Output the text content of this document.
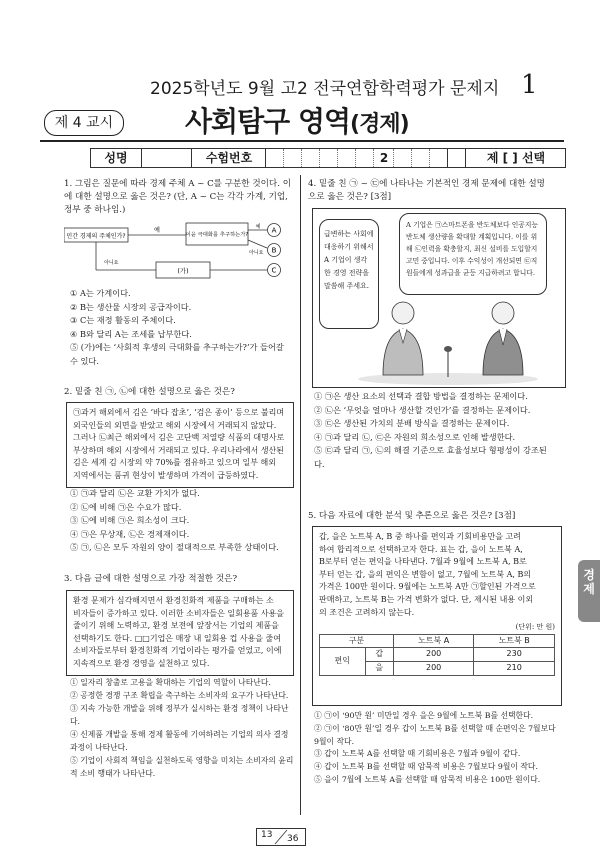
2025학년도 9월 고2 전국연합학력평가 문제지 1
제 4 교시	사회탐구 영역(경제)
성명	수험번호	2	제 [ ] 선택
1. 그림은 질문에 따라 경제 주체 A ~ C를 구분한 것이다. 이에 대한 설명으로 옳은 것은? (단, A ~ C는 각각 가계, 기업, 정부 중 하나임.)
민간 경제의 주체인가?
예
이윤 극대화를 추구하는가?
예
아니요
A
B
아니요
(가)	C
① A는 가계이다.
② B는 생산물 시장의 공급자이다.
③ C는 재정 활동의 주체이다.
④ B와 달리 A는 조세를 납부한다.
⑤ (가)에는 ‘사회적 후생의 극대화를 추구하는가?’가 들어갈 수 있다.
2. 밑줄 친 ㉠, ㉡에 대한 설명으로 옳은 것은?
㉠과거 해외에서 김은 ‘바다 잡초’, ‘검은 종이’ 등으로 불리며
외국인들의 외면을 받았고 해외 시장에서 거래되지 않았다.
그러나 ㉡최근 해외에서 김은 고단백 저열량 식품의 대명사로
부상하며 해외 시장에서 거래되고 있다. 우리나라에서 생산된
김은 세계 김 시장의 약 70%를 점유하고 있으며 일부 해외
지역에서는 품귀 현상이 발생하며 가격이 급등하였다.
① ㉠과 달리 ㉡은 교환 가치가 없다.
② ㉡에 비해 ㉠은 수요가 많다.
③ ㉡에 비해 ㉠은 희소성이 크다.
④ ㉠은 무상재, ㉡은 경제재이다.
⑤ ㉠, ㉡은 모두 자원의 양이 절대적으로 부족한 상태이다.
3. 다음 글에 대한 설명으로 가장 적절한 것은?
환경 문제가 심각해지면서 환경친화적 제품을 구매하는 소
비자들이 증가하고 있다. 이러한 소비자들은 일회용품 사용을
줄이기 위해 노력하고, 환경 보전에 앞장서는 기업의 제품을
선택하기도 한다. □□기업은 매장 내 일회용 컵 사용을 줄여
소비자들로부터 환경친화적 기업이라는 평가를 얻었고, 이에
지속적으로 환경 경영을 실천하고 있다.
① 일자리 창출로 고용을 확대하는 기업의 역할이 나타난다.
② 공정한 경쟁 구조 확립을 촉구하는 소비자의 요구가 나타난다.
③ 지속 가능한 개발을 위해 정부가 실시하는 환경 정책이 나타난다.
④ 신제품 개발을 통해 경제 활동에 기여하려는 기업의 의사 결정 과정이 나타난다.
⑤ 기업이 사회적 책임을 실천하도록 영향을 미치는 소비자의 윤리적 소비 행태가 나타난다.
4. 밑줄 친 ㉠ ~ ㉢에 나타나는 기본적인 경제 문제에 대한 설명으로 옳은 것은? [3점]
급변하는 사회에 대응하기 위해서 A 기업이 생각한 경영 전략을 말씀해 주세요.
A 기업은 ㉠스마트폰을 반도체보다 인공지능 반도체 생산량을 확대할 계획입니다. 이를 위해 ㉡인력을 확충할지, 최신 설비를 도입할지 고민 중입니다. 이후 수익성이 개선되면 ㉢직원들에게 성과급을 균등 지급하려고 합니다.
① ㉠은 생산 요소의 선택과 결합 방법을 결정하는 문제이다.
② ㉡은 ‘무엇을 얼마나 생산할 것인가’를 결정하는 문제이다.
③ ㉢은 생산된 가치의 분배 방식을 결정하는 문제이다.
④ ㉠과 달리 ㉡, ㉢은 자원의 희소성으로 인해 발생한다.
⑤ ㉢과 달리 ㉠, ㉡의 해결 기준으로 효율성보다 형평성이 강조된다.
5. 다음 자료에 대한 분석 및 추론으로 옳은 것은? [3점]
갑, 을은 노트북 A, B 중 하나를 편익과 기회비용만을 고려
하여 합리적으로 선택하고자 한다. 표는 갑, 을이 노트북 A,
B로부터 얻는 편익을 나타낸다. 7월과 9월에 노트북 A, B로
부터 얻는 갑, 을의 편익은 변함이 없고, 7월에 노트북 A, B의
가격은 100만 원이다. 9월에는 노트북 A만 ㉠할인된 가격으로
판매하고, 노트북 B는 가격 변화가 없다. 단, 제시된 내용 이외
의 조건은 고려하지 않는다.
(단위: 만 원)
구분		노트북 A	노트북 B
편익	갑	200	230
	을	200	210
① ㉠이 ‘90만 원’ 미만일 경우 을은 9월에 노트북 B를 선택한다.
② ㉠이 ‘80만 원’일 경우 갑이 노트북 B를 선택할 때 순편익은 7월보다 9월이 작다.
③ 갑이 노트북 A를 선택할 때 기회비용은 7월과 9월이 같다.
④ 갑이 노트북 B를 선택할 때 암묵적 비용은 7월보다 9월이 작다.
⑤ 을이 7월에 노트북 A를 선택할 때 암묵적 비용은 100만 원이다.
경제
13 36
